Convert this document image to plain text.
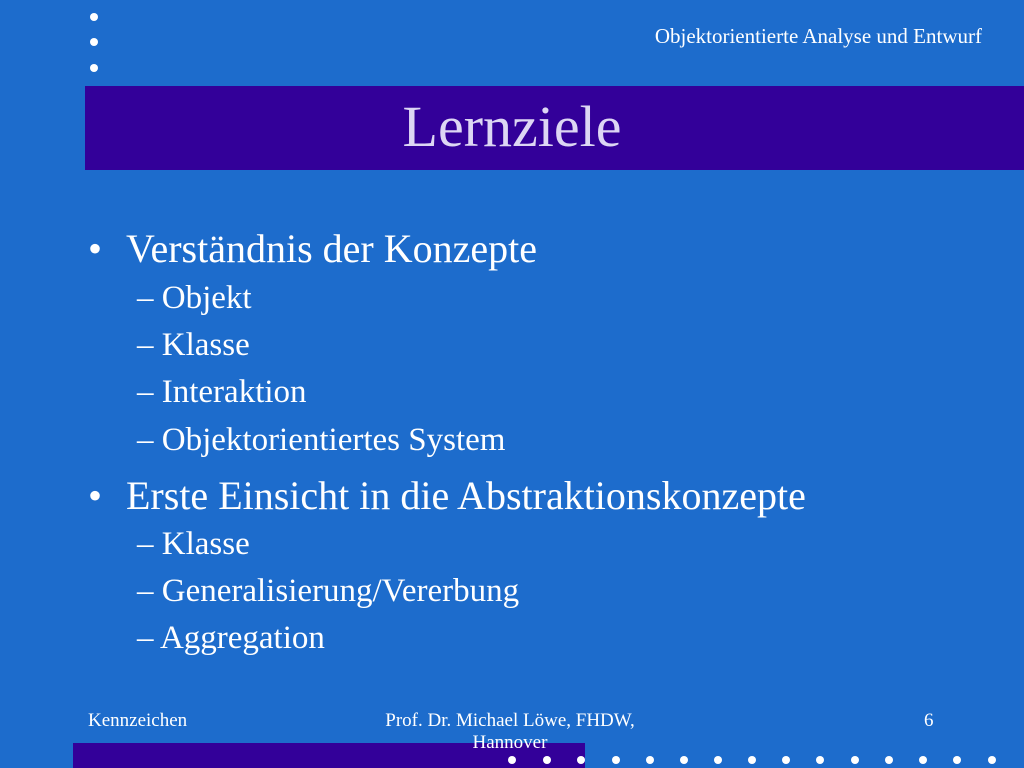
Objektorientierte Analyse und Entwurf
Lernziele
• Verständnis der Konzepte
– Objekt
– Klasse
– Interaktion
– Objektorientiertes System
• Erste Einsicht in die Abstraktionskonzepte
– Klasse
– Generalisierung/Vererbung
– Aggregation
Kennzeichen	Prof. Dr. Michael Löwe, FHDW,
Hannover
6
